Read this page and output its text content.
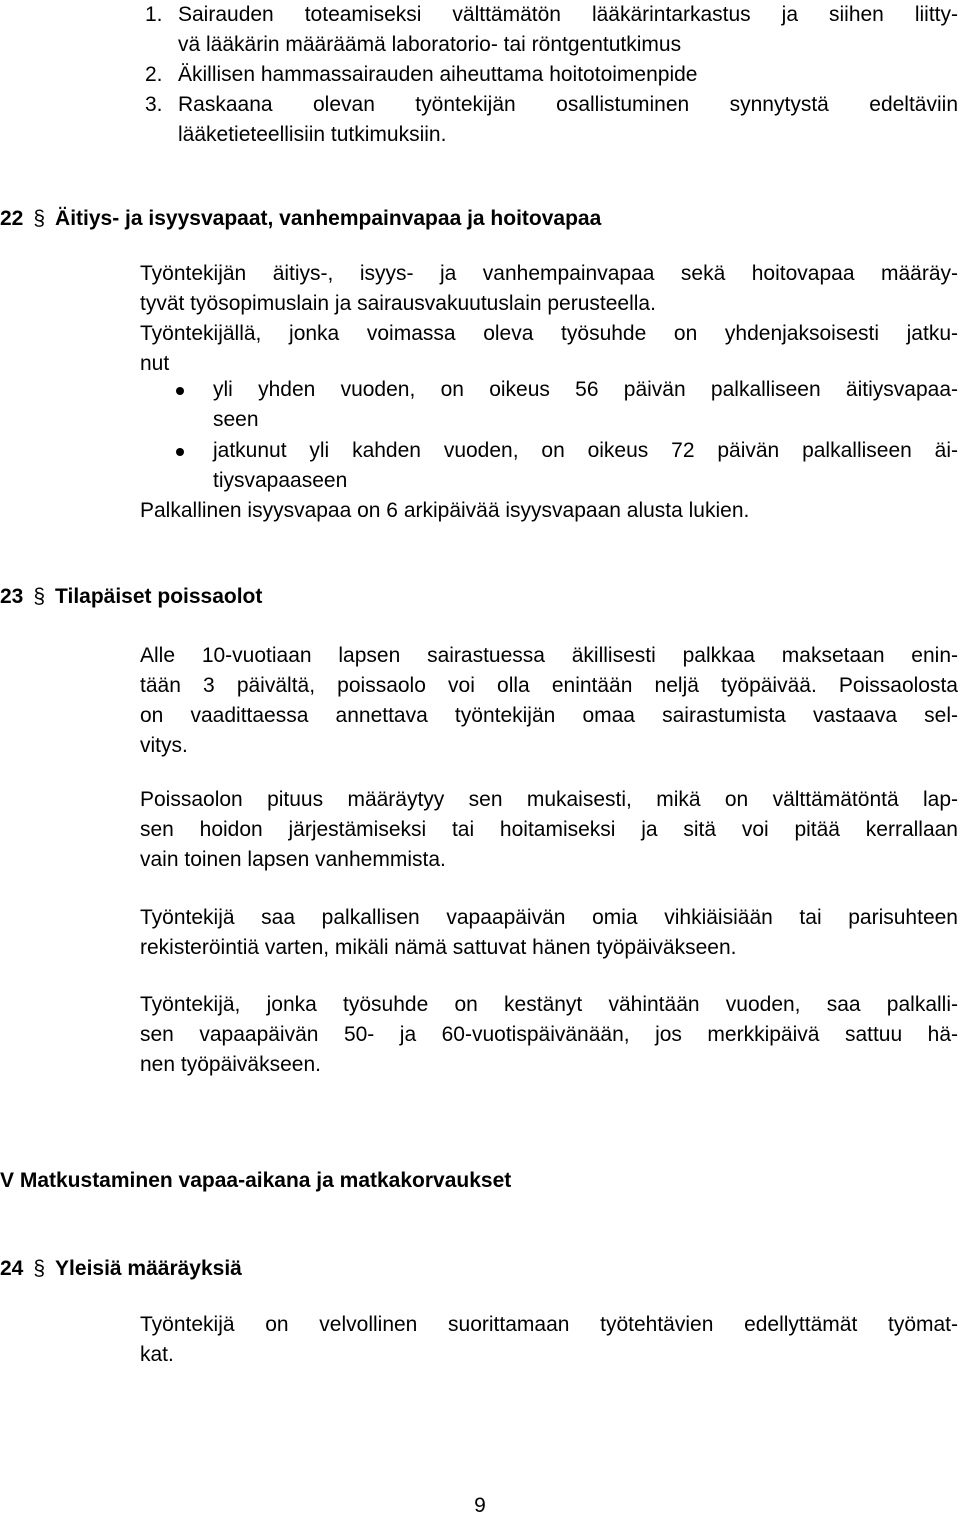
1. Sairauden toteamiseksi välttämätön lääkärintarkastus ja siihen liitty-
vä lääkärin määräämä laboratorio- tai röntgentutkimus
2. Äkillisen hammassairauden aiheuttama hoitotoimenpide
3. Raskaana olevan työntekijän osallistuminen synnytystä edeltäviin
lääketieteellisiin tutkimuksiin.
22 § Äitiys- ja isyysvapaat, vanhempainvapaa ja hoitovapaa
Työntekijän äitiys-, isyys- ja vanhempainvapaa sekä hoitovapaa määräy-
tyvät työsopimuslain ja sairausvakuutuslain perusteella.
Työntekijällä, jonka voimassa oleva työsuhde on yhdenjaksoisesti jatku-
nut
yli yhden vuoden, on oikeus 56 päivän palkalliseen äitiysvapaa-
seen
jatkunut yli kahden vuoden, on oikeus 72 päivän palkalliseen äi-
tiysvapaaseen
Palkallinen isyysvapaa on 6 arkipäivää isyysvapaan alusta lukien.
23 § Tilapäiset poissaolot
Alle 10-vuotiaan lapsen sairastuessa äkillisesti palkkaa maksetaan enin-
tään 3 päivältä, poissaolo voi olla enintään neljä työpäivää. Poissaolosta
on vaadittaessa annettava työntekijän omaa sairastumista vastaava sel-
vitys.
Poissaolon pituus määräytyy sen mukaisesti, mikä on välttämätöntä lap-
sen hoidon järjestämiseksi tai hoitamiseksi ja sitä voi pitää kerrallaan
vain toinen lapsen vanhemmista.
Työntekijä saa palkallisen vapaapäivän omia vihkiäisiään tai parisuhteen
rekisteröintiä varten, mikäli nämä sattuvat hänen työpäiväkseen.
Työntekijä, jonka työsuhde on kestänyt vähintään vuoden, saa palkalli-
sen vapaapäivän 50- ja 60-vuotispäivänään, jos merkkipäivä sattuu hä-
nen työpäiväkseen.
V Matkustaminen vapaa-aikana ja matkakorvaukset
24 § Yleisiä määräyksiä
Työntekijä on velvollinen suorittamaan työtehtävien edellyttämät työmat-
kat.
9
